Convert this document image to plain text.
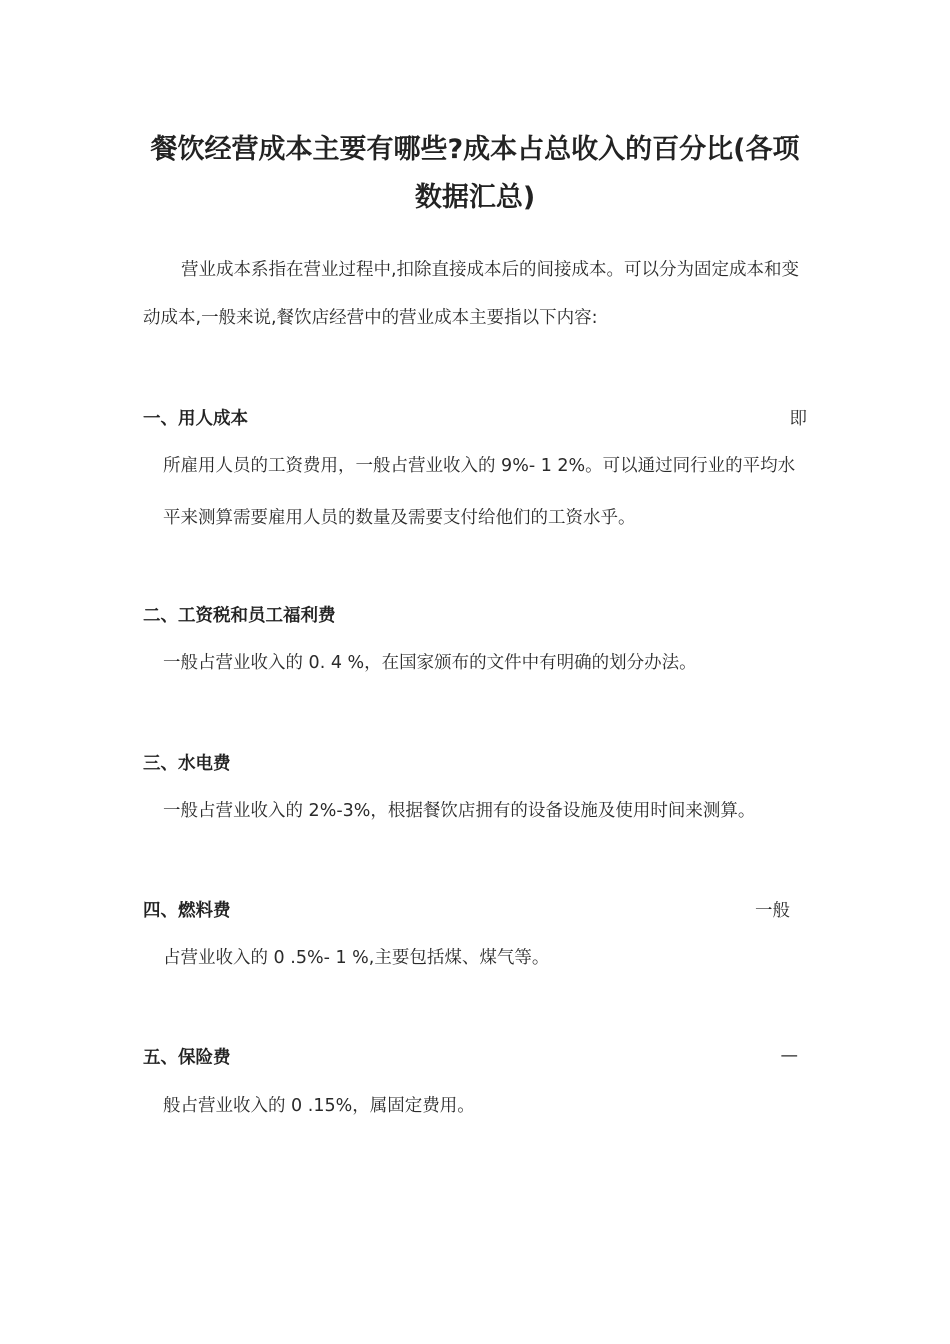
餐饮经营成本主要有哪些?成本占总收入的百分比(各项数据汇总)

营业成本系指在营业过程中,扣除直接成本后的间接成本。可以分为固定成本和变动成本,一般来说,餐饮店经营中的营业成本主要指以下内容:

一、用人成本	即

所雇用人员的工资费用，一般占营业收入的 9%- 1 2%。可以通过同行业的平均水平来测算需要雇用人员的数量及需要支付给他们的工资水乎。

二、工资税和员工福利费

一般占营业收入的 0. 4 %，在国家颁布的文件中有明确的划分办法。

三、水电费

一般占营业收入的 2%-3%，根据餐饮店拥有的设备设施及使用时间来测算。

四、燃料费	一般

占营业收入的 0 .5%- 1 %,主要包括煤、煤气等。

五、保险费	—

般占营业收入的 0 .15%，属固定费用。
